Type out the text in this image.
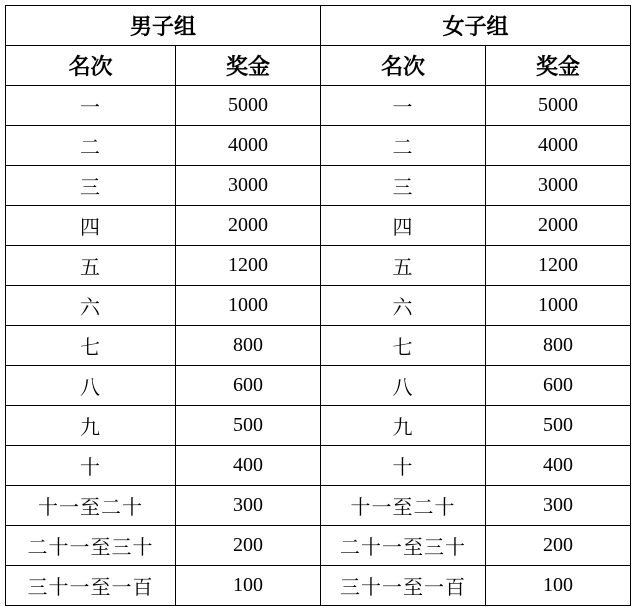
男子组		女子组	
名次	奖金	名次	奖金
一	5000	一	5000
二	4000	二	4000
三	3000	三	3000
四	2000	四	2000
五	1200	五	1200
六	1000	六	1000
七	800	七	800
八	600	八	600
九	500	九	500
十	400	十	400
十一至二十	300	十一至二十	300
二十一至三十	200	二十一至三十	200
三十一至一百	100	三十一至一百	100
